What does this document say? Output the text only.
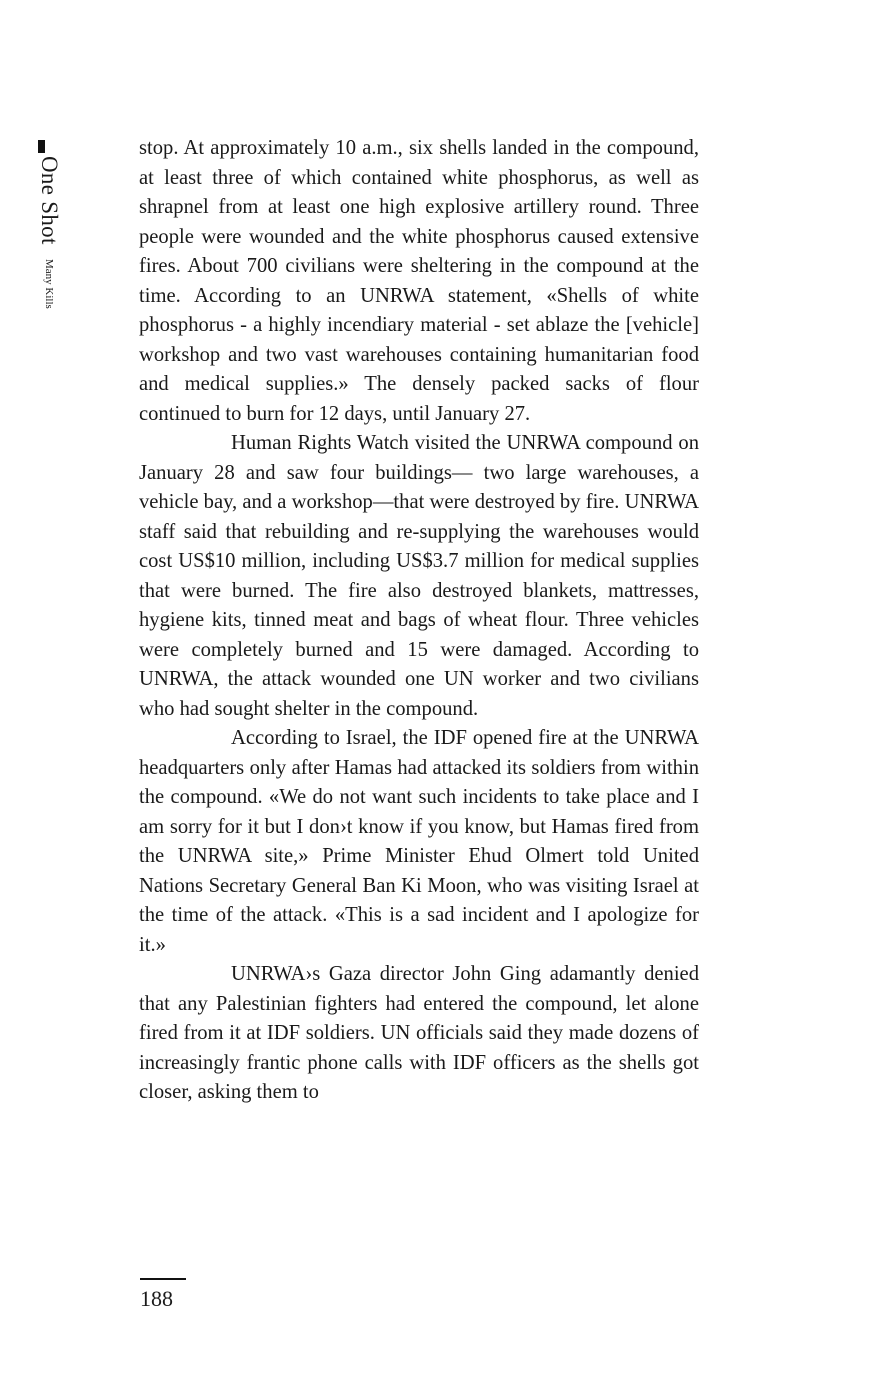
One Shot Many Kills

stop. At approximately 10 a.m., six shells landed in the compound, at least three of which contained white phosphorus, as well as shrapnel from at least one high explosive artillery round. Three people were wounded and the white phosphorus caused extensive fires. About 700 civilians were sheltering in the compound at the time. According to an UNRWA statement, «Shells of white phosphorus - a highly incendiary material - set ablaze the [vehicle] workshop and two vast warehouses containing humanitarian food and medical supplies.» The densely packed sacks of flour continued to burn for 12 days, until January 27.

Human Rights Watch visited the UNRWA compound on January 28 and saw four buildings— two large warehouses, a vehicle bay, and a workshop—that were destroyed by fire. UNRWA staff said that rebuilding and re-supplying the warehouses would cost US$10 million, including US$3.7 million for medical supplies that were burned. The fire also destroyed blankets, mattresses, hygiene kits, tinned meat and bags of wheat flour. Three vehicles were completely burned and 15 were damaged. According to UNRWA, the attack wounded one UN worker and two civilians who had sought shelter in the compound.

According to Israel, the IDF opened fire at the UNRWA headquarters only after Hamas had attacked its soldiers from within the compound. «We do not want such incidents to take place and I am sorry for it but I don›t know if you know, but Hamas fired from the UNRWA site,» Prime Minister Ehud Olmert told United Nations Secretary General Ban Ki Moon, who was visiting Israel at the time of the attack. «This is a sad incident and I apologize for it.»

UNRWA›s Gaza director John Ging adamantly denied that any Palestinian fighters had entered the compound, let alone fired from it at IDF soldiers. UN officials said they made dozens of increasingly frantic phone calls with IDF officers as the shells got closer, asking them to

188
